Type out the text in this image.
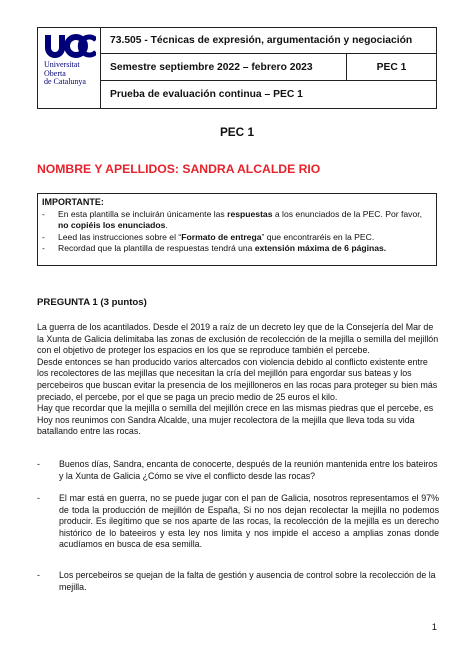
Universitat
Oberta
de Catalunya
73.505 - Técnicas de expresión, argumentación y negociación
Semestre septiembre 2022 – febrero 2023	PEC 1
Prueba de evaluación continua – PEC 1
PEC 1
NOMBRE Y APELLIDOS: SANDRA ALCALDE RIO
IMPORTANTE:
- En esta plantilla se incluirán únicamente las respuestas a los enunciados de la PEC. Por favor, no copiéis los enunciados.
- Leed las instrucciones sobre el “Formato de entrega” que encontraréis en la PEC.
- Recordad que la plantilla de respuestas tendrá una extensión máxima de 6 páginas.
PREGUNTA 1 (3 puntos)

La guerra de los acantilados. Desde el 2019 a raíz de un decreto ley que de la Consejería del Mar de la Xunta de Galicia delimitaba las zonas de exclusión de recolección de la mejilla o semilla del mejillón con el objetivo de proteger los espacios en los que se reproduce también el percebe.

Desde entonces se han producido varios altercados con violencia debido al conflicto existente entre los recolectores de las mejillas que necesitan la cría del mejillón para engordar sus bateas y los percebeiros que buscan evitar la presencia de los mejilloneros en las rocas para proteger su bien más preciado, el percebe, por el que se paga un precio medio de 25 euros el kilo.

Hay que recordar que la mejilla o semilla del mejillón crece en las mismas piedras que el percebe, es Hoy nos reunimos con Sandra Alcalde, una mujer recolectora de la mejilla que lleva toda su vida batallando entre las rocas.

- Buenos días, Sandra, encanta de conocerte, después de la reunión mantenida entre los bateiros y la Xunta de Galicia ¿Cómo se vive el conflicto desde las rocas?
- El mar está en guerra, no se puede jugar con el pan de Galicia, nosotros representamos el 97% de toda la producción de mejillón de España, Si no nos dejan recolectar la mejilla no podemos producir. Es ilegítimo que se nos aparte de las rocas, la recolección de la mejilla es un derecho histórico de lo bateeiros y esta ley nos limita y nos impide el acceso a amplias zonas donde acudíamos en busca de esa semilla.
- Los percebeiros se quejan de la falta de gestión y ausencia de control sobre la recolección de la mejilla.
1
